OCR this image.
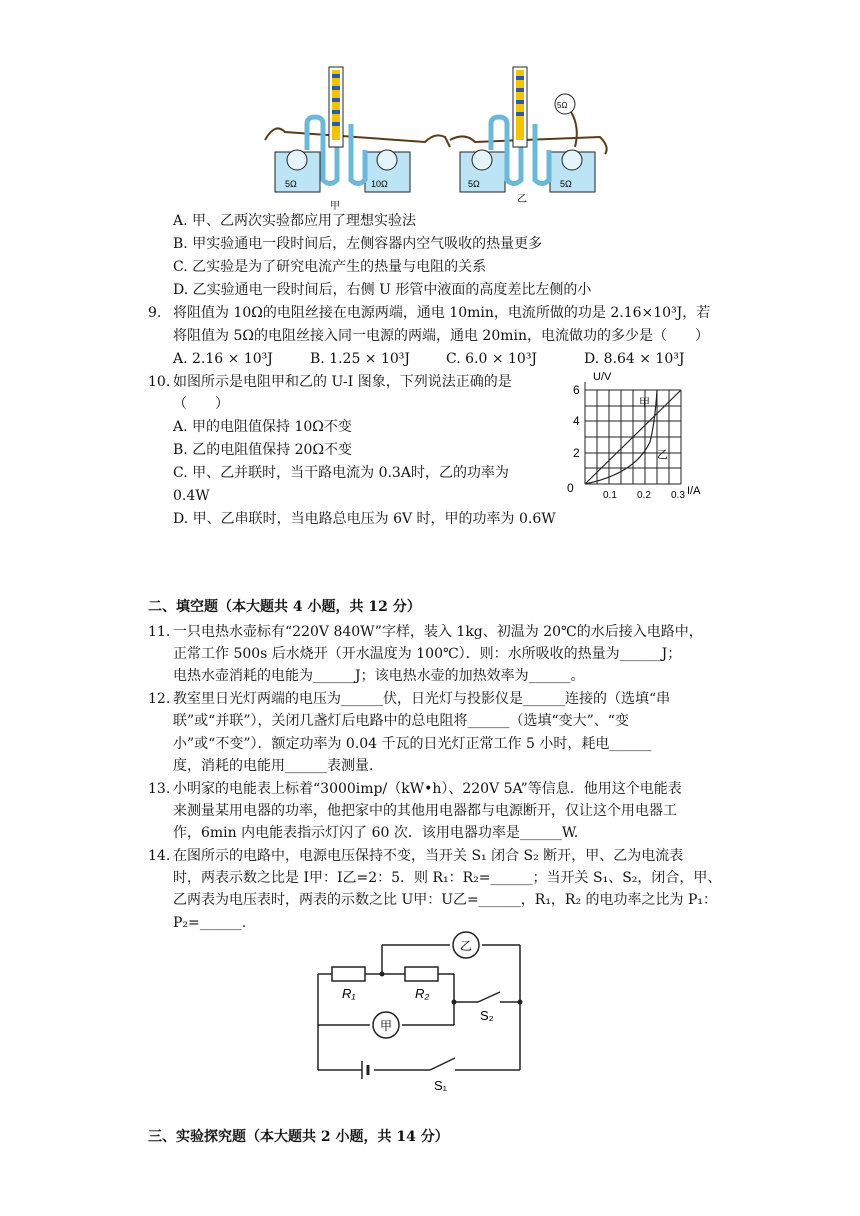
5Ω	10Ω
甲
5Ω	5Ω
5Ω
乙
A. 甲、乙两次实验都应用了理想实验法
B. 甲实验通电一段时间后，左侧容器内空气吸收的热量更多
C. 乙实验是为了研究电流产生的热量与电阻的关系
D. 乙实验通电一段时间后，右侧 U 形管中液面的高度差比左侧的小
9. 将阻值为 10Ω的电阻丝接在电源两端，通电 10min，电流所做的功是 2.16×10³J，若
将阻值为 5Ω的电阻丝接入同一电源的两端，通电 20min，电流做功的多少是（　　）
A. 2.16 × 10³J	B. 1.25 × 10³J	C. 6.0 × 10³J	D. 8.64 × 10³J
10. 如图所示是电阻甲和乙的 U-I 图象，下列说法正确的是
（　　）
A. 甲的电阻值保持 10Ω不变
B. 乙的电阻值保持 20Ω不变
C. 甲、乙并联时，当干路电流为 0.3A时，乙的功率为
0.4W
D. 甲、乙串联时，当电路总电压为 6V 时，甲的功率为 0.6W
U/V
I/A
0
2
4
6
0.1 0.2 0.3
甲
乙
二、填空题（本大题共 4 小题，共 12 分）
11. 一只电热水壶标有“220V 840W”字样，装入 1kg、初温为 20℃的水后接入电路中，
正常工作 500s 后水烧开（开水温度为 100℃）．则：水所吸收的热量为______J；
电热水壶消耗的电能为______J；该电热水壶的加热效率为______。
12. 教室里日光灯两端的电压为______伏，日光灯与投影仪是______连接的（选填“串
联”或“并联”），关闭几盏灯后电路中的总电阻将______（选填“变大”、“变
小”或“不变”）．额定功率为 0.04 千瓦的日光灯正常工作 5 小时，耗电______
度，消耗的电能用______表测量.
13. 小明家的电能表上标着“3000imp/（kW•h）、220V 5A”等信息．他用这个电能表
来测量某用电器的功率，他把家中的其他用电器都与电源断开，仅让这个用电器工
作，6min 内电能表指示灯闪了 60 次．该用电器功率是______W.
14. 在图所示的电路中，电源电压保持不变，当开关 S₁ 闭合 S₂ 断开，甲、乙为电流表
时，两表示数之比是 I甲：I乙=2：5．则 R₁：R₂=______；当开关 S₁、S₂，闭合，甲、
乙两表为电压表时，两表的示数之比 U甲：U乙=______，R₁，R₂ 的电功率之比为 P₁：
P₂=______.
乙
甲
R₁	R₂
S₂
S₁
三、实验探究题（本大题共 2 小题，共 14 分）
